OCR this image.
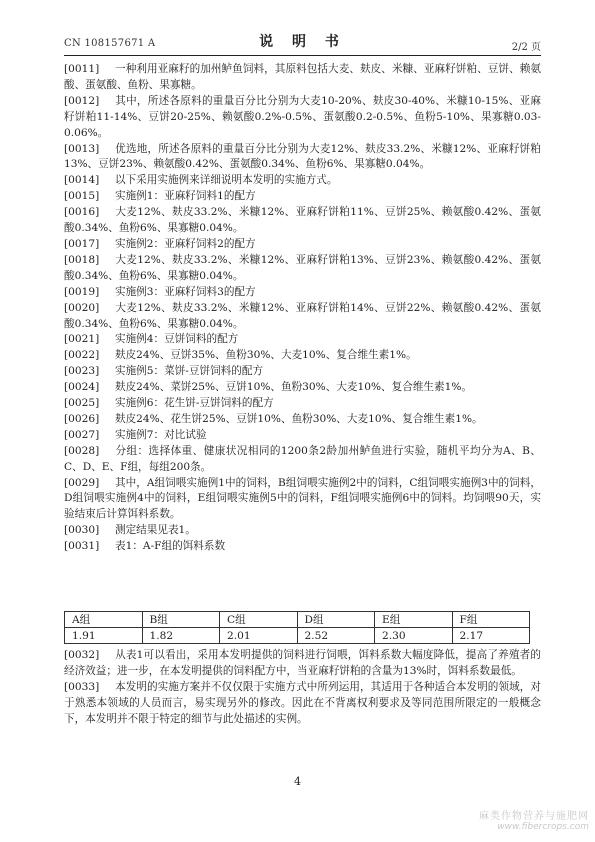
CN 108157671 A	说 明 书	2/2 页

[0011] 一种利用亚麻籽的加州鲈鱼饲料，其原料包括大麦、麸皮、米糠、亚麻籽饼粕、豆饼、赖氨酸、蛋氨酸、鱼粉、果寡糖。

[0012] 其中，所述各原料的重量百分比分别为大麦10-20%、麸皮30-40%、米糠10-15%、亚麻籽饼粕11-14%、豆饼20-25%、赖氨酸0.2%-0.5%、蛋氨酸0.2-0.5%、鱼粉5-10%、果寡糖0.03-0.06%。

[0013] 优选地，所述各原料的重量百分比分别为大麦12%、麸皮33.2%、米糠12%、亚麻籽饼粕13%、豆饼23%、赖氨酸0.42%、蛋氨酸0.34%、鱼粉6%、果寡糖0.04%。

[0014] 以下采用实施例来详细说明本发明的实施方式。

[0015] 实施例1：亚麻籽饲料1的配方

[0016] 大麦12%、麸皮33.2%、米糠12%、亚麻籽饼粕11%、豆饼25%、赖氨酸0.42%、蛋氨酸0.34%、鱼粉6%、果寡糖0.04%。

[0017] 实施例2：亚麻籽饲料2的配方

[0018] 大麦12%、麸皮33.2%、米糠12%、亚麻籽饼粕13%、豆饼23%、赖氨酸0.42%、蛋氨酸0.34%、鱼粉6%、果寡糖0.04%。

[0019] 实施例3：亚麻籽饲料3的配方

[0020] 大麦12%、麸皮33.2%、米糠12%、亚麻籽饼粕14%、豆饼22%、赖氨酸0.42%、蛋氨酸0.34%、鱼粉6%、果寡糖0.04%。

[0021] 实施例4：豆饼饲料的配方

[0022] 麸皮24%、豆饼35%、鱼粉30%、大麦10%、复合维生素1%。

[0023] 实施例5：菜饼-豆饼饲料的配方

[0024] 麸皮24%、菜饼25%、豆饼10%、鱼粉30%、大麦10%、复合维生素1%。

[0025] 实施例6：花生饼-豆饼饲料的配方

[0026] 麸皮24%、花生饼25%、豆饼10%、鱼粉30%、大麦10%、复合维生素1%。

[0027] 实施例7：对比试验

[0028] 分组：选择体重、健康状况相同的1200条2龄加州鲈鱼进行实验，随机平均分为A、B、C、D、E、F组，每组200条。

[0029] 其中，A组饲喂实施例1中的饲料，B组饲喂实施例2中的饲料，C组饲喂实施例3中的饲料，D组饲喂实施例4中的饲料，E组饲喂实施例5中的饲料，F组饲喂实施例6中的饲料。均饲喂90天，实验结束后计算饵料系数。

[0030] 测定结果见表1。

[0031] 表1：A-F组的饵料系数

A组	B组	C组	D组	E组	F组
1.91	1.82	2.01	2.52	2.30	2.17

[0032] 从表1可以看出，采用本发明提供的饲料进行饲喂，饵料系数大幅度降低，提高了养殖者的经济效益；进一步，在本发明提供的饲料配方中，当亚麻籽饼粕的含量为13%时，饵料系数最低。

[0033] 本发明的实施方案并不仅仅限于实施方式中所列运用，其适用于各种适合本发明的领域，对于熟悉本领域的人员而言，易实现另外的修改。因此在不背离权利要求及等同范围所限定的一般概念下，本发明并不限于特定的细节与此处描述的实例。

4
麻类作物营养与施肥网
www.fibercrops.com
